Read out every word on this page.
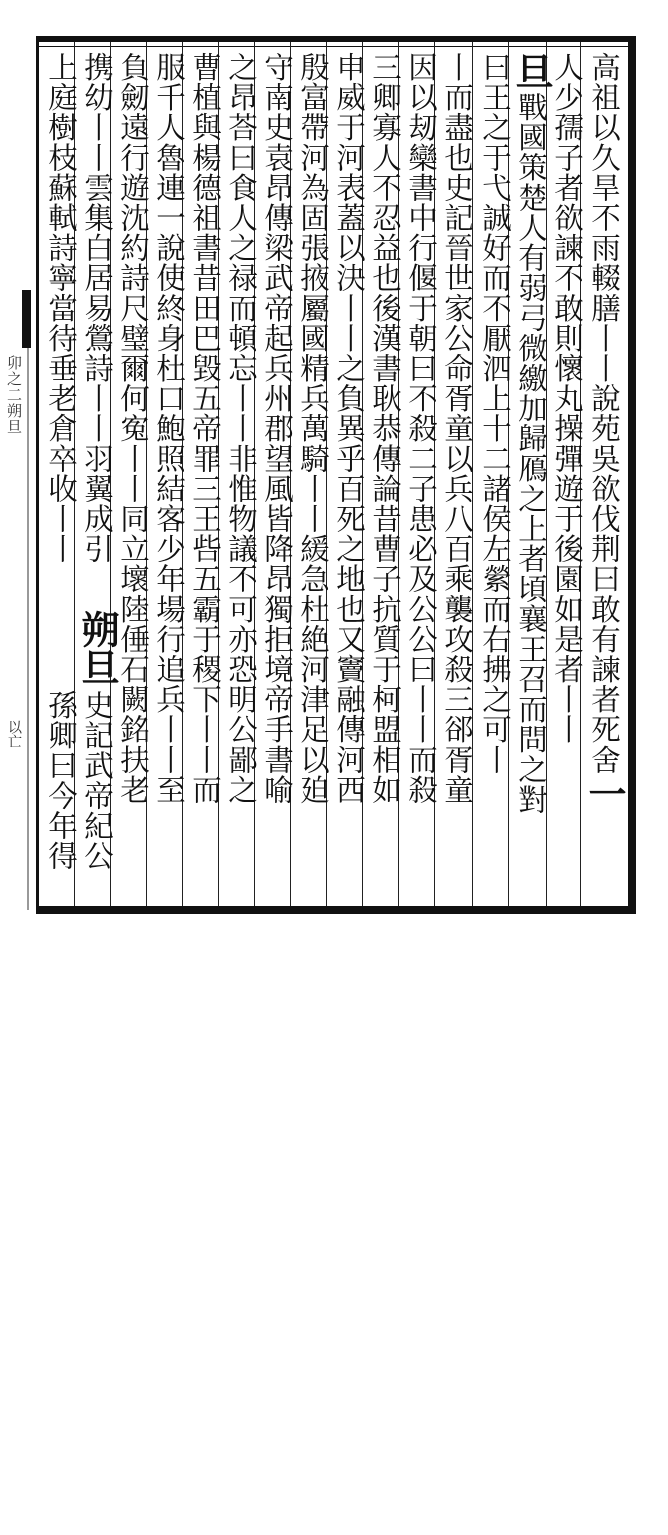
高祖以久旱不雨輟膳丨丨說苑吳欲伐荆曰敢有諫者死舍一
人少孺子者欲諫不敢則懷丸操彈遊于後園如是者丨丨
旦
戰國策楚人有弱弓微繳加歸鴈之上者頃襄王召而問之對
曰王之于弋誠好而不厭泗上十二諸侯左縈而右拂之可丨
丨而盡也史記晉世家公命胥童以兵八百乘襲攻殺三郤胥童
因以刼欒書中行偃于朝曰不殺二子患必及公公曰丨丨而殺
三卿寡人不忍益也後漢書耿恭傳論昔曹子抗質于柯盟相如
申威于河表蓋以決丨丨之負異乎百死之地也又竇融傳河西
殷富帶河為固張掖屬國精兵萬騎丨丨緩急杜絶河津足以廹
守南史袁昂傳梁武帝起兵州郡望風皆降昂獨拒境帝手書喻
之昂荅曰食人之禄而頓忘丨丨非惟物議不可亦恐明公鄙之
曹植與楊德祖書昔田巴毀五帝罪三王呰五霸于稷下丨丨而
服千人魯連一說使終身杜口鮑照結客少年場行追兵丨丨至
負劒遠行遊沈約詩尺璧爾何寃丨丨同立壞陸倕石闕銘扶老
携幼丨丨雲集白居易鶯詩丨丨羽翼成引
朔旦
史記武帝紀公
上庭樹枝蘇軾詩寧當待垂老倉卒收丨丨
孫卿曰今年得
卯之二朔旦
以亡
